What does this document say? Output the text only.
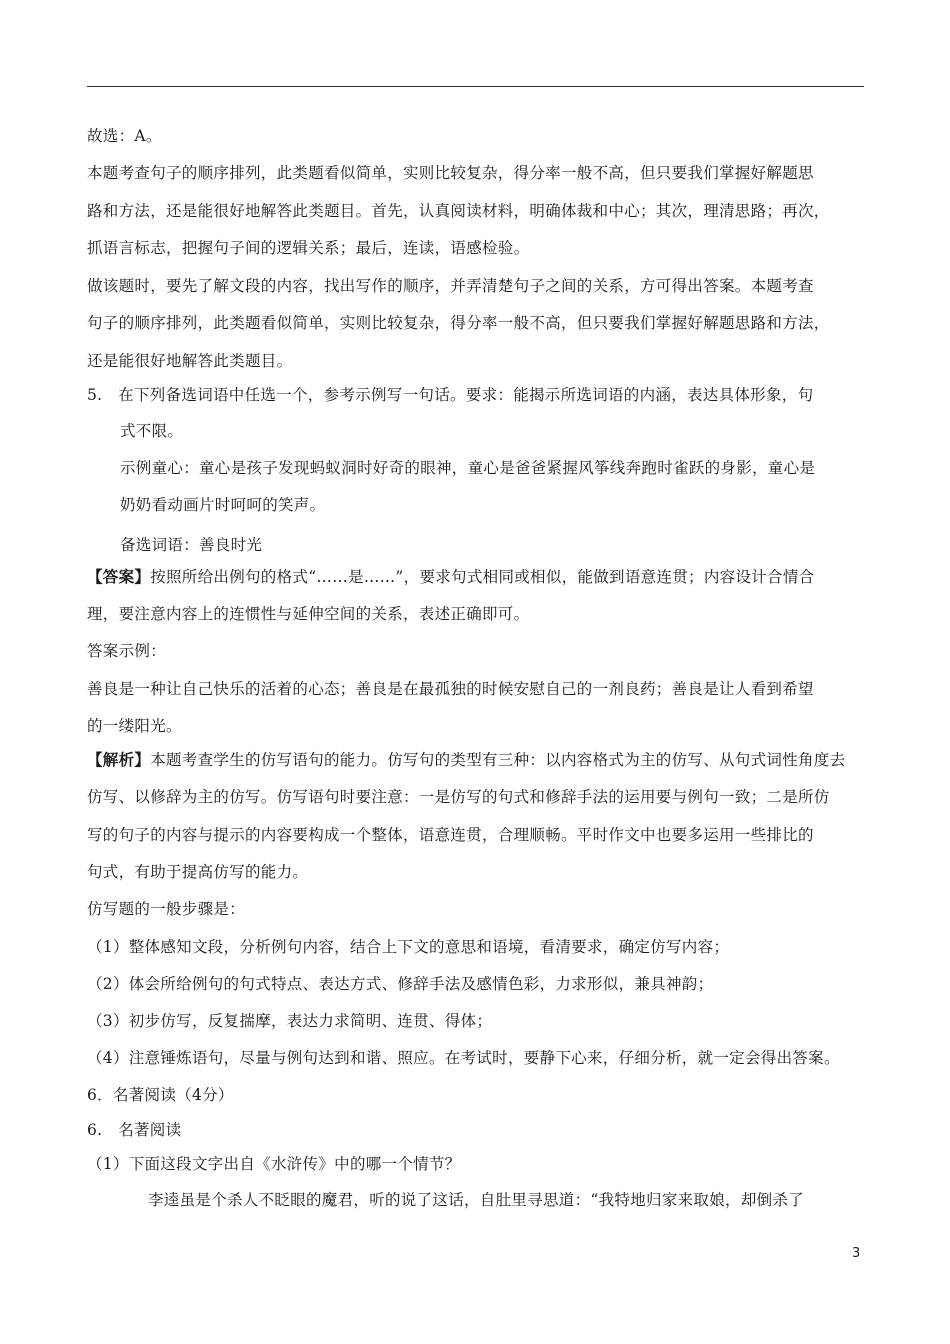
故选：A。
本题考查句子的顺序排列，此类题看似简单，实则比较复杂，得分率一般不高，但只要我们掌握好解题思
路和方法，还是能很好地解答此类题目。首先，认真阅读材料，明确体裁和中心；其次，理清思路；再次，
抓语言标志，把握句子间的逻辑关系；最后，连读，语感检验。
做该题时，要先了解文段的内容，找出写作的顺序，并弄清楚句子之间的关系，方可得出答案。本题考查
句子的顺序排列，此类题看似简单，实则比较复杂，得分率一般不高，但只要我们掌握好解题思路和方法，
还是能很好地解答此类题目。
5.　在下列备选词语中任选一个，参考示例写一句话。要求：能揭示所选词语的内涵，表达具体形象，句
式不限。
示例童心：童心是孩子发现蚂蚁洞时好奇的眼神，童心是爸爸紧握风筝线奔跑时雀跃的身影，童心是
奶奶看动画片时呵呵的笑声。
备选词语：善良时光
【答案】按照所给出例句的格式“……是……”，要求句式相同或相似，能做到语意连贯；内容设计合情合
理，要注意内容上的连惯性与延伸空间的关系，表述正确即可。
答案示例：
善良是一种让自己快乐的活着的心态；善良是在最孤独的时候安慰自己的一剂良药；善良是让人看到希望
的一缕阳光。
【解析】本题考查学生的仿写语句的能力。仿写句的类型有三种：以内容格式为主的仿写、从句式词性角度去
仿写、以修辞为主的仿写。仿写语句时要注意：一是仿写的句式和修辞手法的运用要与例句一致；二是所仿
写的句子的内容与提示的内容要构成一个整体，语意连贯，合理顺畅。平时作文中也要多运用一些排比的
句式，有助于提高仿写的能力。
仿写题的一般步骤是：
（1）整体感知文段，分析例句内容，结合上下文的意思和语境，看清要求，确定仿写内容；
（2）体会所给例句的句式特点、表达方式、修辞手法及感情色彩，力求形似，兼具神韵；
（3）初步仿写，反复揣摩，表达力求简明、连贯、得体；
（4）注意锤炼语句，尽量与例句达到和谐、照应。在考试时，要静下心来，仔细分析，就一定会得出答案。
6．名著阅读（4分）
6.　名著阅读
（1）下面这段文字出自《水浒传》中的哪一个情节？
李逵虽是个杀人不眨眼的魔君，听的说了这话，自肚里寻思道：“我特地归家来取娘，却倒杀了
3
